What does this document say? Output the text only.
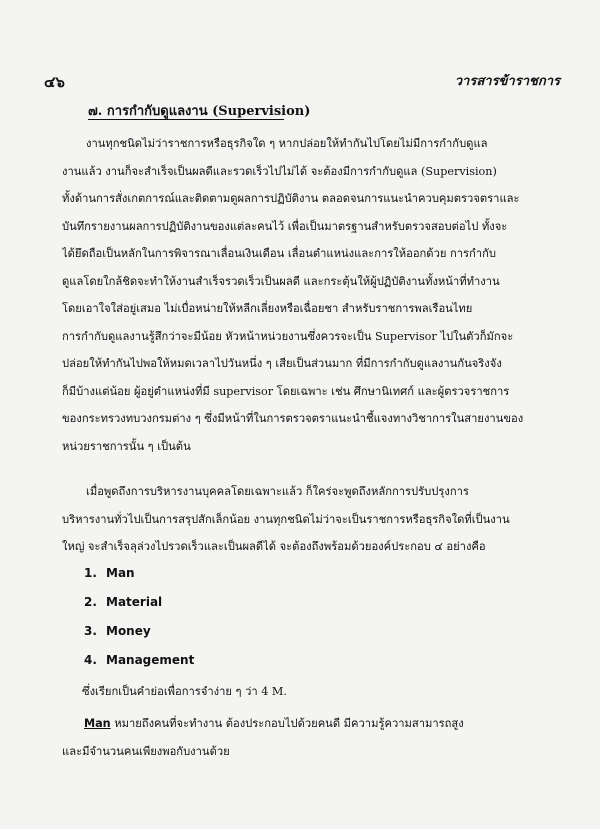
๔๖	วารสารข้าราชการ
๗. การกำกับดูแลงาน (Supervision)
งานทุกชนิดไม่ว่าราชการหรือธุรกิจใด ๆ หากปล่อยให้ทำกันไปโดยไม่มีการกำกับดูแล
งานแล้ว งานก็จะสำเร็จเป็นผลดีและรวดเร็วไปไม่ได้ จะต้องมีการกำกับดูแล (Supervision)
ทั้งด้านการสั่งเกตการณ์และติดตามดูผลการปฏิบัติงาน ตลอดจนการแนะนำควบคุมตรวจตราและ
บันทึกรายงานผลการปฏิบัติงานของแต่ละคนไว้ เพื่อเป็นมาตรฐานสำหรับตรวจสอบต่อไป ทั้งจะ
ได้ยึดถือเป็นหลักในการพิจารณาเลื่อนเงินเดือน เลื่อนตำแหน่งและการให้ออกด้วย การกำกับ
ดูแลโดยใกล้ชิดจะทำให้งานสำเร็จรวดเร็วเป็นผลดี และกระตุ้นให้ผู้ปฏิบัติงานทั้งหน้าที่ทำงาน
โดยเอาใจใส่อยู่เสมอ ไม่เบื่อหน่ายให้หลีกเลี่ยงหรือเฉื่อยชา สำหรับราชการพลเรือนไทย
การกำกับดูแลงานรู้สึกว่าจะมีน้อย หัวหน้าหน่วยงานซึ่งควรจะเป็น Supervisor ไปในตัวก็มักจะ
ปล่อยให้ทำกันไปพอให้หมดเวลาไปวันหนึ่ง ๆ เสียเป็นส่วนมาก ที่มีการกำกับดูแลงานกันจริงจัง
ก็มีบ้างแต่น้อย ผู้อยู่ตำแหน่งที่มี supervisor โดยเฉพาะ เช่น ศึกษานิเทศก์ และผู้ตรวจราชการ
ของกระทรวงทบวงกรมต่าง ๆ ซึ่งมีหน้าที่ในการตรวจตราแนะนำชี้แจงทางวิชาการในสายงานของ
หน่วยราชการนั้น ๆ เป็นต้น
เมื่อพูดถึงการบริหารงานบุคคลโดยเฉพาะแล้ว ก็ใคร่จะพูดถึงหลักการปรับปรุงการ
บริหารงานทั่วไปเป็นการสรุปสักเล็กน้อย งานทุกชนิดไม่ว่าจะเป็นราชการหรือธุรกิจใดที่เป็นงาน
ใหญ่ จะสำเร็จลุล่วงไปรวดเร็วและเป็นผลดีได้ จะต้องถึงพร้อมด้วยองค์ประกอบ ๔ อย่างคือ
1. Man
2. Material
3. Money
4. Management
ซึ่งเรียกเป็นคำย่อเพื่อการจำง่าย ๆ ว่า 4 M.
Man หมายถึงคนที่จะทำงาน ต้องประกอบไปด้วยคนดี มีความรู้ความสามารถสูง
และมีจำนวนคนเพียงพอกับงานด้วย
